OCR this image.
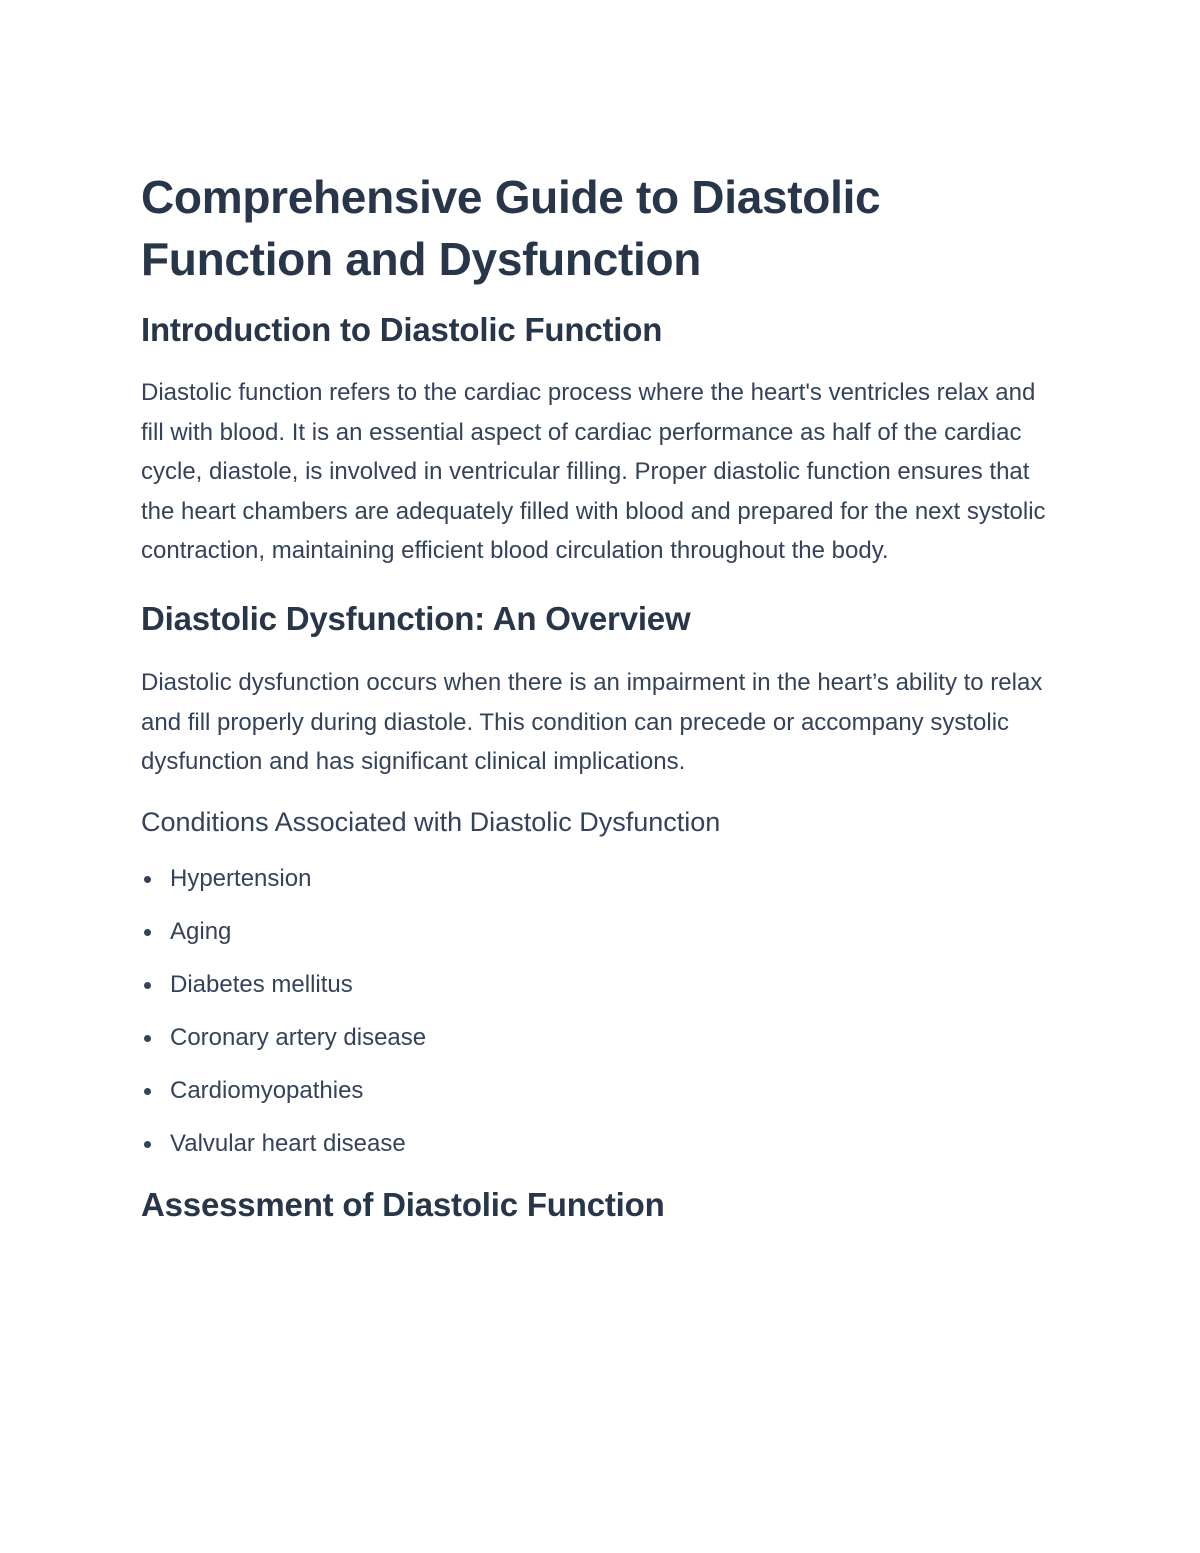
Comprehensive Guide to Diastolic Function and Dysfunction
Introduction to Diastolic Function

Diastolic function refers to the cardiac process where the heart's ventricles relax and fill with blood. It is an essential aspect of cardiac performance as half of the cardiac cycle, diastole, is involved in ventricular filling. Proper diastolic function ensures that the heart chambers are adequately filled with blood and prepared for the next systolic contraction, maintaining efficient blood circulation throughout the body.

Diastolic Dysfunction: An Overview

Diastolic dysfunction occurs when there is an impairment in the heart’s ability to relax and fill properly during diastole. This condition can precede or accompany systolic dysfunction and has significant clinical implications.

Conditions Associated with Diastolic Dysfunction
Hypertension
Aging
Diabetes mellitus
Coronary artery disease
Cardiomyopathies
Valvular heart disease
Assessment of Diastolic Function
